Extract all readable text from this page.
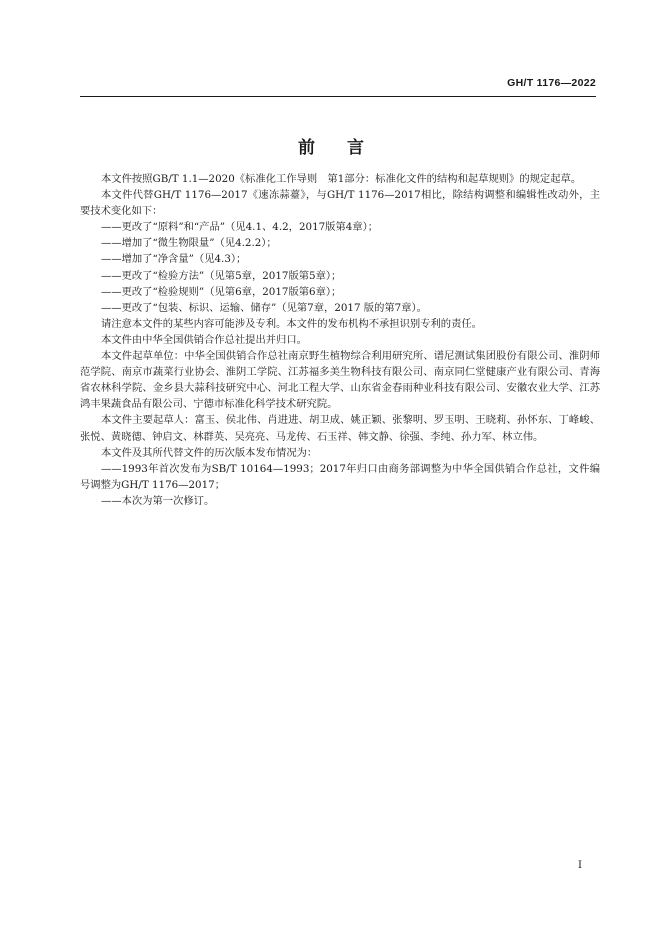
GH/T 1176—2022
前 言

本文件按照GB/T 1.1—2020《标准化工作导则　第1部分：标准化文件的结构和起草规则》的规定起草。

本文件代替GH/T 1176—2017《速冻蒜薹》，与GH/T 1176—2017相比，除结构调整和编辑性改动外，主要技术变化如下：

——更改了“原料”和“产品”（见4.1、4.2，2017版第4章）；

——增加了“微生物限量”（见4.2.2）；

——增加了“净含量”（见4.3）；

——更改了“检验方法”（见第5章，2017版第5章）；

——更改了“检验规则”（见第6章，2017版第6章）；

——更改了“包装、标识、运输、储存”（见第7章，2017 版的第7章）。

请注意本文件的某些内容可能涉及专利。本文件的发布机构不承担识别专利的责任。

本文件由中华全国供销合作总社提出并归口。

本文件起草单位：中华全国供销合作总社南京野生植物综合利用研究所、谱尼测试集团股份有限公司、淮阴师范学院、南京市蔬菜行业协会、淮阴工学院、江苏福多美生物科技有限公司、南京同仁堂健康产业有限公司、青海省农林科学院、金乡县大蒜科技研究中心、河北工程大学、山东省金春雨种业科技有限公司、安徽农业大学、江苏鸿丰果蔬食品有限公司、宁德市标准化科学技术研究院。

本文件主要起草人：富玉、侯北伟、肖进进、胡卫成、姚正颖、张黎明、罗玉明、王晓莉、孙怀东、丁峰峻、张悦、黄晓德、钟启文、林群英、吴亮亮、马龙传、石玉祥、韩文静、徐强、李纯、孙力军、林立伟。

本文件及其所代替文件的历次版本发布情况为：

——1993年首次发布为SB/T 10164—1993；2017年归口由商务部调整为中华全国供销合作总社，文件编号调整为GH/T 1176—2017；

——本次为第一次修订。

I
